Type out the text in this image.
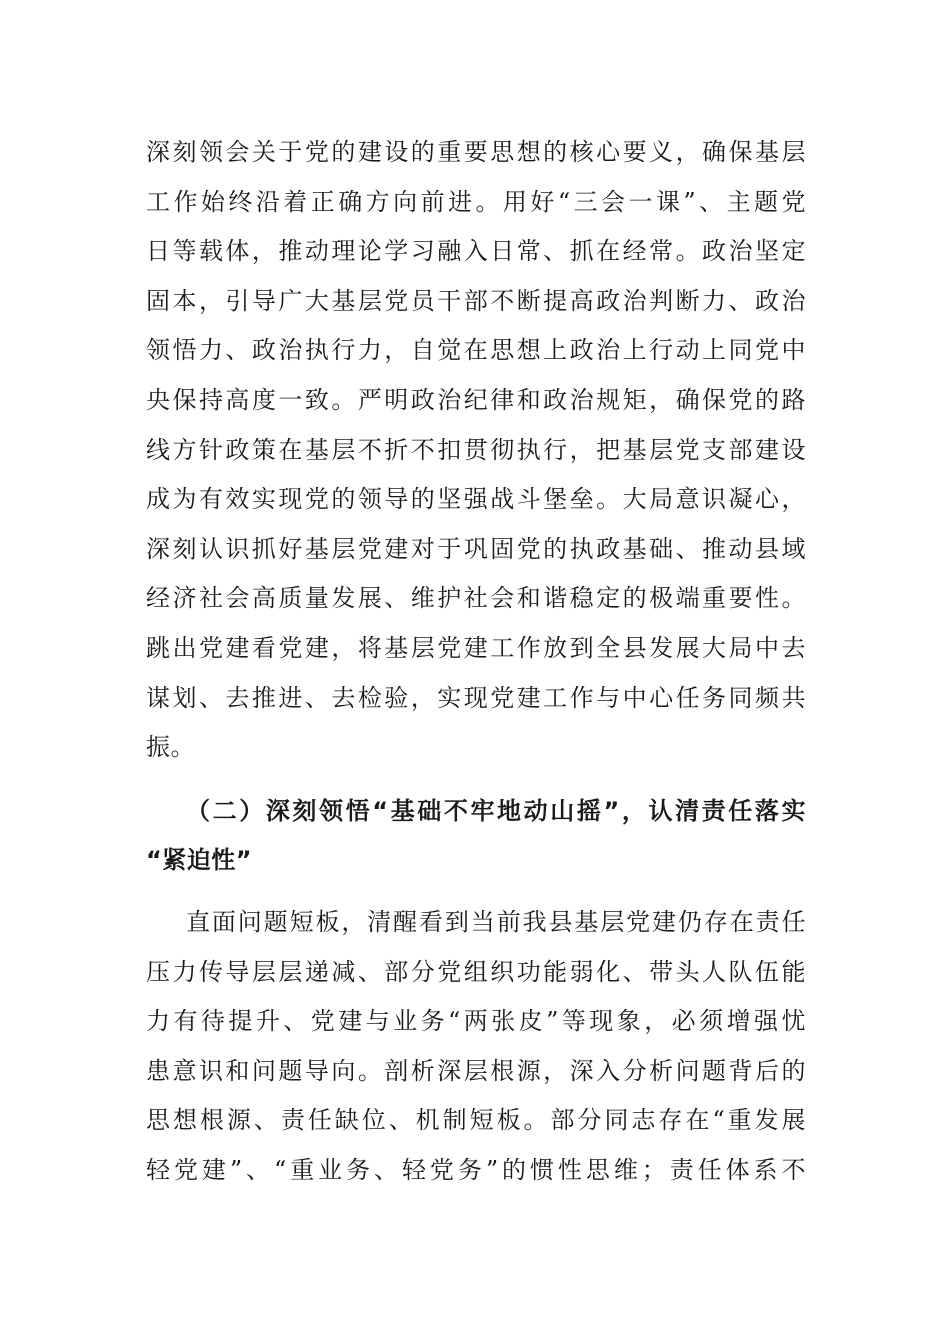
深刻领会关于党的建设的重要思想的核心要义，确保基层
工作始终沿着正确方向前进。用好“三会一课”、主题党
日等载体，推动理论学习融入日常、抓在经常。政治坚定
固本，引导广大基层党员干部不断提高政治判断力、政治
领悟力、政治执行力，自觉在思想上政治上行动上同党中
央保持高度一致。严明政治纪律和政治规矩，确保党的路
线方针政策在基层不折不扣贯彻执行，把基层党支部建设
成为有效实现党的领导的坚强战斗堡垒。大局意识凝心，
深刻认识抓好基层党建对于巩固党的执政基础、推动县域
经济社会高质量发展、维护社会和谐稳定的极端重要性。
跳出党建看党建，将基层党建工作放到全县发展大局中去
谋划、去推进、去检验，实现党建工作与中心任务同频共
振。
（二）深刻领悟“基础不牢地动山摇”，认清责任落实
“紧迫性”
直面问题短板，清醒看到当前我县基层党建仍存在责任
压力传导层层递减、部分党组织功能弱化、带头人队伍能
力有待提升、党建与业务“两张皮”等现象，必须增强忧
患意识和问题导向。剖析深层根源，深入分析问题背后的
思想根源、责任缺位、机制短板。部分同志存在“重发展
轻党建”、“重业务、轻党务”的惯性思维；责任体系不
